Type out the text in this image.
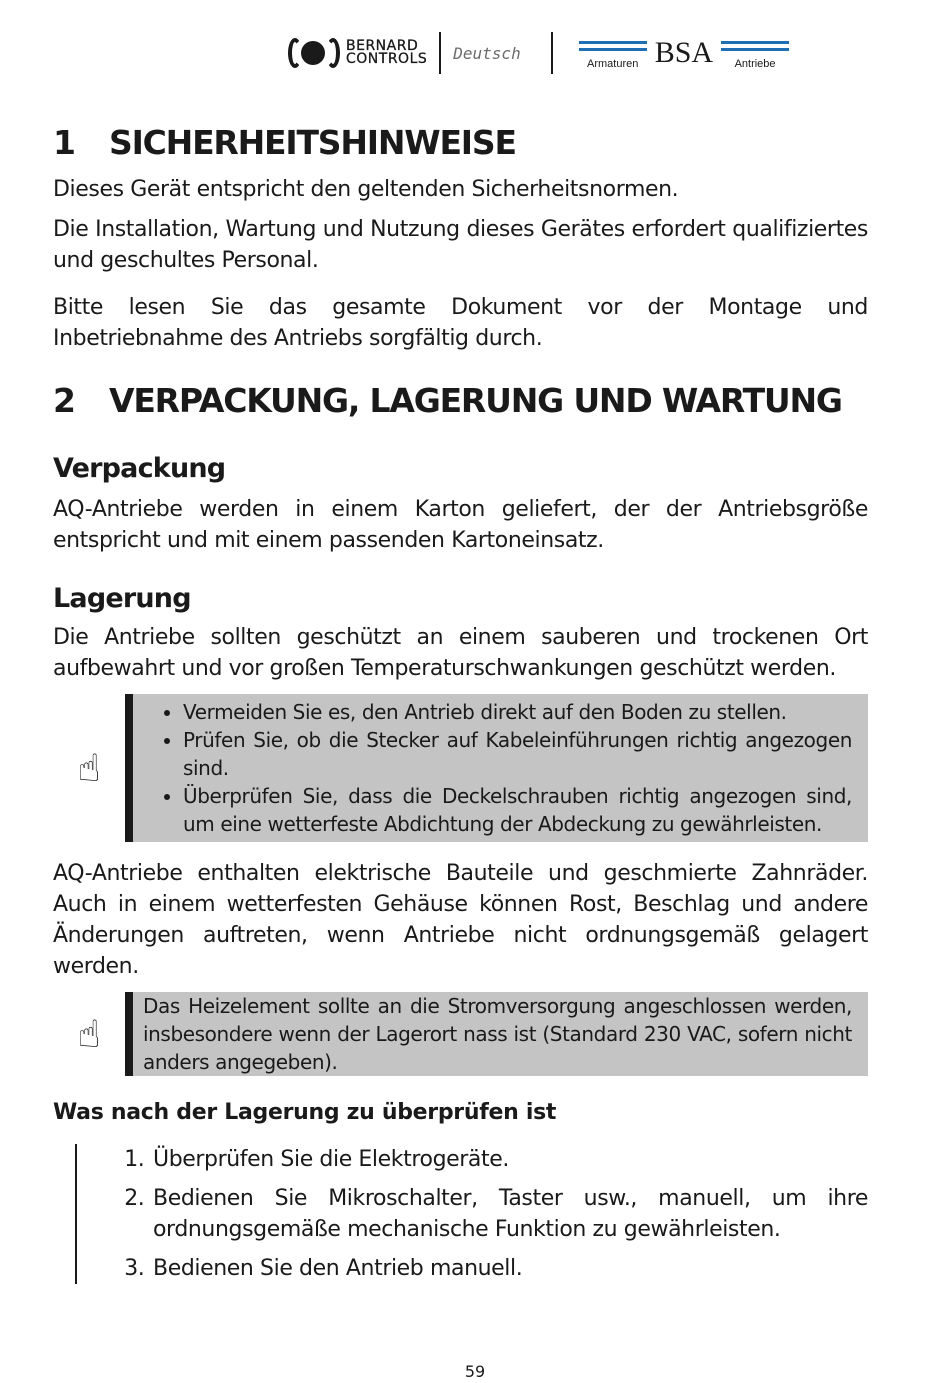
BERNARD
CONTROLS Deutsch
Armaturen BSA Antriebe
1 SICHERHEITSHINWEISE

Dieses Gerät entspricht den geltenden Sicherheitsnormen.

Die Installation, Wartung und Nutzung dieses Gerätes erfordert qualifiziertes und geschultes Personal.

Bitte lesen Sie das gesamte Dokument vor der Montage und Inbetriebnahme des Antriebs sorgfältig durch.

2 VERPACKUNG, LAGERUNG UND WARTUNG
Verpackung

AQ-Antriebe werden in einem Karton geliefert, der der Antriebsgröße entspricht und mit einem passenden Kartoneinsatz.

Lagerung

Die Antriebe sollten geschützt an einem sauberen und trockenen Ort aufbewahrt und vor großen Temperaturschwankungen geschützt werden.

☝
• Vermeiden Sie es, den Antrieb direkt auf den Boden zu stellen.
• Prüfen Sie, ob die Stecker auf Kabeleinführungen richtig angezogen sind.
• Überprüfen Sie, dass die Deckelschrauben richtig angezogen sind, um eine wetterfeste Abdichtung der Abdeckung zu gewährleisten.

AQ-Antriebe enthalten elektrische Bauteile und geschmierte Zahnräder. Auch in einem wetterfesten Gehäuse können Rost, Beschlag und andere Änderungen auftreten, wenn Antriebe nicht ordnungsgemäß gelagert werden.

☝
Das Heizelement sollte an die Stromversorgung angeschlossen werden, insbesondere wenn der Lagerort nass ist (Standard 230 VAC, sofern nicht anders angegeben).
Was nach der Lagerung zu überprüfen ist
1. Überprüfen Sie die Elektrogeräte.
2. Bedienen Sie Mikroschalter, Taster usw., manuell, um ihre ordnungsgemäße mechanische Funktion zu gewährleisten.
3. Bedienen Sie den Antrieb manuell.
59
